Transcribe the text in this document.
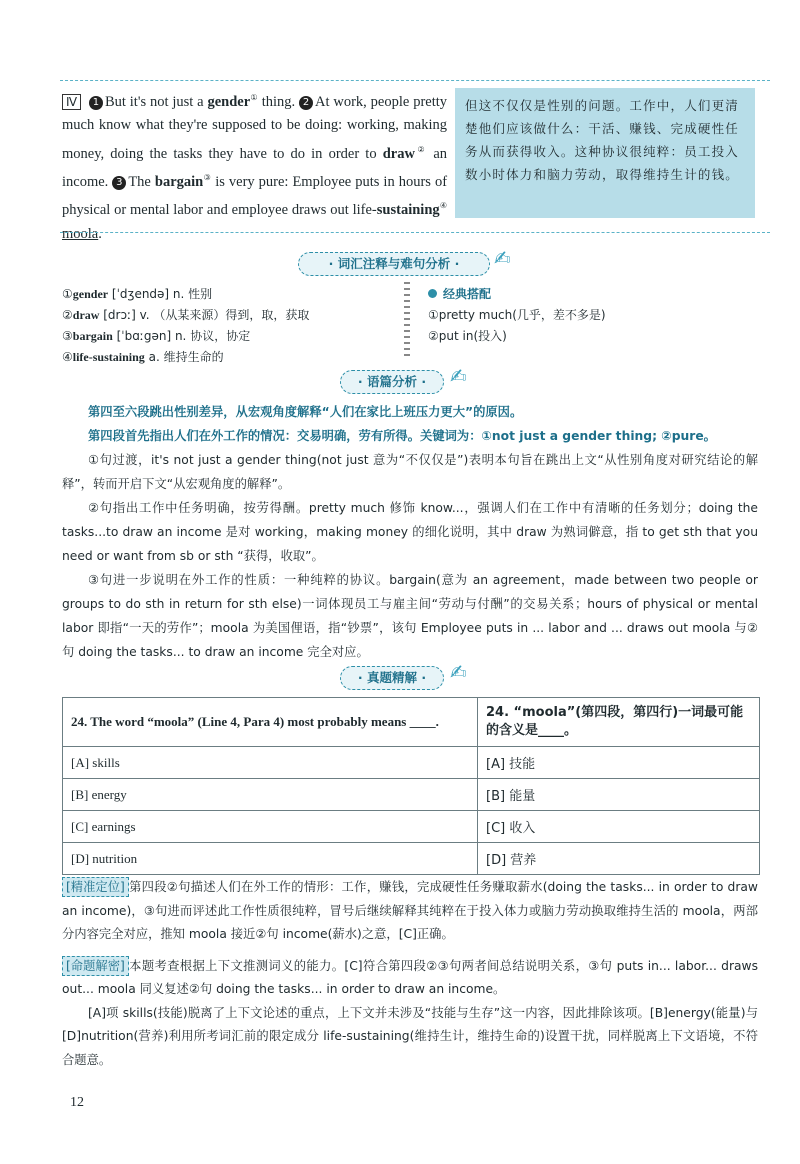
Ⅳ 1 But it's not just a gender① thing. 2 At work, people pretty much know what they're supposed to be doing: working, making money, doing the tasks they have to do in order to draw② an income. 3 The bargain③ is very pure: Employee puts in hours of physical or mental labor and employee draws out life-sustaining④ moola.
但这不仅仅是性别的问题。工作中，人们更清楚他们应该做什么：干活、赚钱、完成硬性任务从而获得收入。这种协议很纯粹：员工投入数小时体力和脑力劳动，取得维持生计的钱。
· 词汇注释与难句分析 ·	✍
①gender [ˈdʒendə] n. 性别
②draw [drɔː] v. （从某来源）得到，取，获取
③bargain [ˈbɑːgən] n. 协议，协定
④life-sustaining a. 维持生命的
经典搭配
①pretty much(几乎，差不多是)
②put in(投入)
· 语篇分析 ·	✍

第四至六段跳出性别差异，从宏观角度解释“人们在家比上班压力更大”的原因。

第四段首先指出人们在外工作的情况：交易明确，劳有所得。关键词为：①not just a gender thing; ②pure。

①句过渡，it's not just a gender thing(not just 意为“不仅仅是”)表明本句旨在跳出上文“从性别角度对研究结论的解释”，转而开启下文“从宏观角度的解释”。

②句指出工作中任务明确，按劳得酬。pretty much 修饰 know...，强调人们在工作中有清晰的任务划分；doing the tasks...to draw an income 是对 working，making money 的细化说明，其中 draw 为熟词僻意，指 to get sth that you need or want from sb or sth “获得，收取”。

③句进一步说明在外工作的性质：一种纯粹的协议。bargain(意为 an agreement，made between two people or groups to do sth in return for sth else)一词体现员工与雇主间“劳动与付酬”的交易关系；hours of physical or mental labor 即指“一天的劳作”；moola 为美国俚语，指“钞票”，该句 Employee puts in ... labor and ... draws out moola 与②句 doing the tasks... to draw an income 完全对应。

· 真题精解 ·	✍
24. The word “moola” (Line 4, Para 4) most probably means ____.	24. “moola”(第四段，第四行)一词最可能的含义是____。
[A] skills	[A] 技能
[B] energy	[B] 能量
[C] earnings	[C] 收入
[D] nutrition	[D] 营养

[精准定位] 第四段②句描述人们在外工作的情形：工作，赚钱，完成硬性任务赚取薪水(doing the tasks... in order to draw an income)，③句进而评述此工作性质很纯粹，冒号后继续解释其纯粹在于投入体力或脑力劳动换取维持生活的 moola，两部分内容完全对应，推知 moola 接近②句 income(薪水)之意，[C]正确。

[命题解密] 本题考查根据上下文推测词义的能力。[C]符合第四段②③句两者间总结说明关系，③句 puts in... labor... draws out... moola 同义复述②句 doing the tasks... in order to draw an income。

[A]项 skills(技能)脱离了上下文论述的重点，上下文并未涉及“技能与生存”这一内容，因此排除该项。[B]energy(能量)与[D]nutrition(营养)利用所考词汇前的限定成分 life-sustaining(维持生计，维持生命的)设置干扰，同样脱离上下文语境，不符合题意。

12
